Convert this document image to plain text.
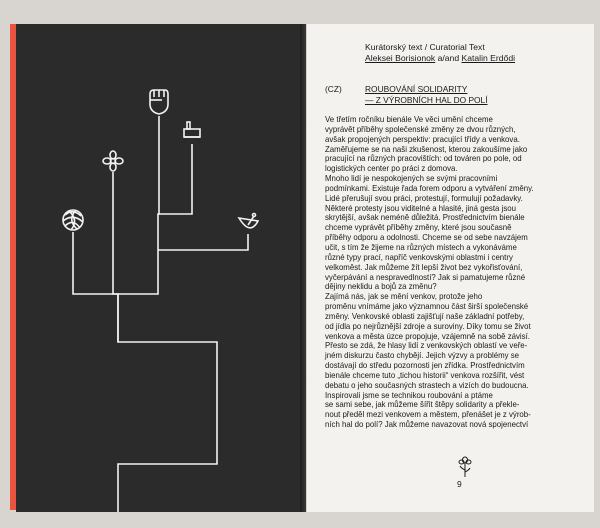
Kurátorský text / Curatorial Text
Aleksei Borisionok a/and Katalin Erdődi
(CZ)	ROUBOVÁNÍ SOLIDARITY
— Z VÝROBNÍCH HAL DO POLÍ

Ve třetím ročníku bienále Ve věci umění chceme

vyprávět příběhy společenské změny ze dvou různých,

avšak propojených perspektiv: pracující třídy a venkova.

Zaměřujeme se na naši zkušenost, kterou zakoušíme jako

pracující na různých pracovištích: od továren po pole, od

logistických center po práci z domova.

Mnoho lidí je nespokojených se svými pracovními

podmínkami. Existuje řada forem odporu a vytváření změny.

Lidé přerušují svou práci, protestují, formulují požadavky.

Některé protesty jsou viditelné a hlasité, jiná gesta jsou

skrytější, avšak neméně důležitá. Prostřednictvím bienále

chceme vyprávět příběhy změny, které jsou současně

příběhy odporu a odolnosti. Chceme se od sebe navzájem

učit, s tím že žijeme na různých místech a vykonáváme

různé typy prací, napříč venkovskými oblastmi i centry

velkoměst. Jak můžeme žít lepší život bez vykořisťování,

vyčerpávání a nespravedlností? Jak si pamatujeme různé

dějiny neklidu a bojů za změnu?

Zajímá nás, jak se mění venkov, protože jeho

proměnu vnímáme jako významnou část širší společenské

změny. Venkovské oblasti zajišťují naše základní potřeby,

od jídla po nejrůznější zdroje a suroviny. Díky tomu se život

venkova a města úzce propojuje, vzájemně na sobě závisí.

Přesto se zdá, že hlasy lidí z venkovských oblastí ve veře-

jném diskurzu často chybějí. Jejich výzvy a problémy se

dostávají do středu pozornosti jen zřídka. Prostřednictvím

bienále chceme tuto „tichou historii“ venkova rozšířit, vést

debatu o jeho současných strastech a vizích do budoucna.

Inspirovali jsme se technikou roubování a ptáme

se sami sebe, jak můžeme šířit štěpy solidarity a překle-

nout předěl mezi venkovem a městem, přenášet je z výrob-

ních hal do polí? Jak můžeme navazovat nová spojenectví

9
